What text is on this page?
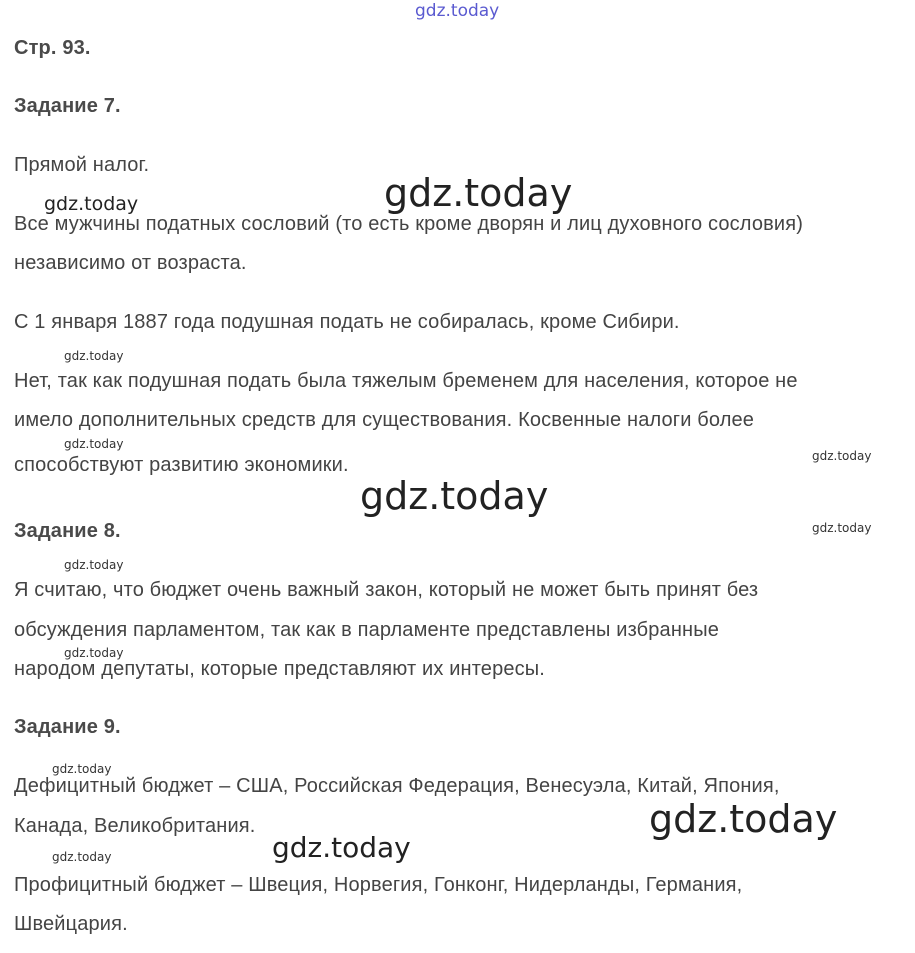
gdz.today
gdz.today	gdz.today
gdz.today
gdz.today
gdz.today
gdz.today
gdz.today
gdz.today
gdz.today
gdz.today
gdz.today
gdz.today
gdz.today
Стр. 93.
Задание 7.
Прямой налог.
Все мужчины податных сословий (то есть кроме дворян и лиц духовного сословия)
независимо от возраста.
С 1 января 1887 года подушная подать не собиралась, кроме Сибири.
Нет, так как подушная подать была тяжелым бременем для населения, которое не
имело дополнительных средств для существования. Косвенные налоги более
способствуют развитию экономики.
Задание 8.
Я считаю, что бюджет очень важный закон, который не может быть принят без
обсуждения парламентом, так как в парламенте представлены избранные
народом депутаты, которые представляют их интересы.
Задание 9.
Дефицитный бюджет – США, Российская Федерация, Венесуэла, Китай, Япония,
Канада, Великобритания.
Профицитный бюджет – Швеция, Норвегия, Гонконг, Нидерланды, Германия,
Швейцария.
